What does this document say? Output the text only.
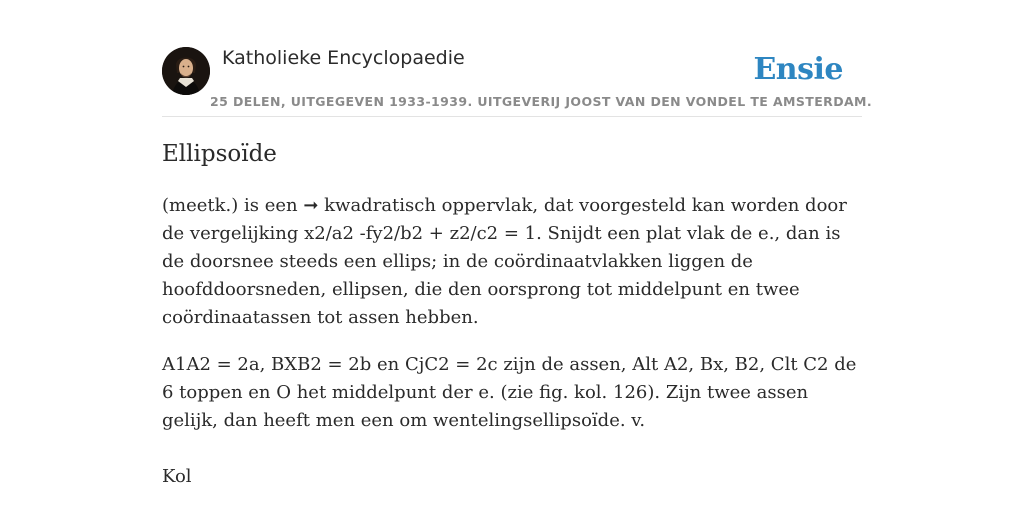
Katholieke Encyclopaedie	Ensie
25 DELEN, UITGEGEVEN 1933-1939. UITGEVERIJ JOOST VAN DEN VONDEL TE AMSTERDAM.
Ellipsoïde

(meetk.) is een ➞ kwadratisch oppervlak, dat voorgesteld kan worden door de vergelijking x2/a2 -fy2/b2 + z2/c2 = 1. Snijdt een plat vlak de e., dan is de doorsnee steeds een ellips; in de coördinaatvlakken liggen de hoofddoorsneden, ellipsen, die den oorsprong tot middelpunt en twee coördinaatassen tot assen hebben.

A1A2 = 2a, BXB2 = 2b en CjC2 = 2c zijn de assen, Alt A2, Bx, B2, Clt C2 de 6 toppen en O het middelpunt der e. (zie fig. kol. 126). Zijn twee assen gelijk, dan heeft men een om wentelingsellipsoïde. v.

Kol
